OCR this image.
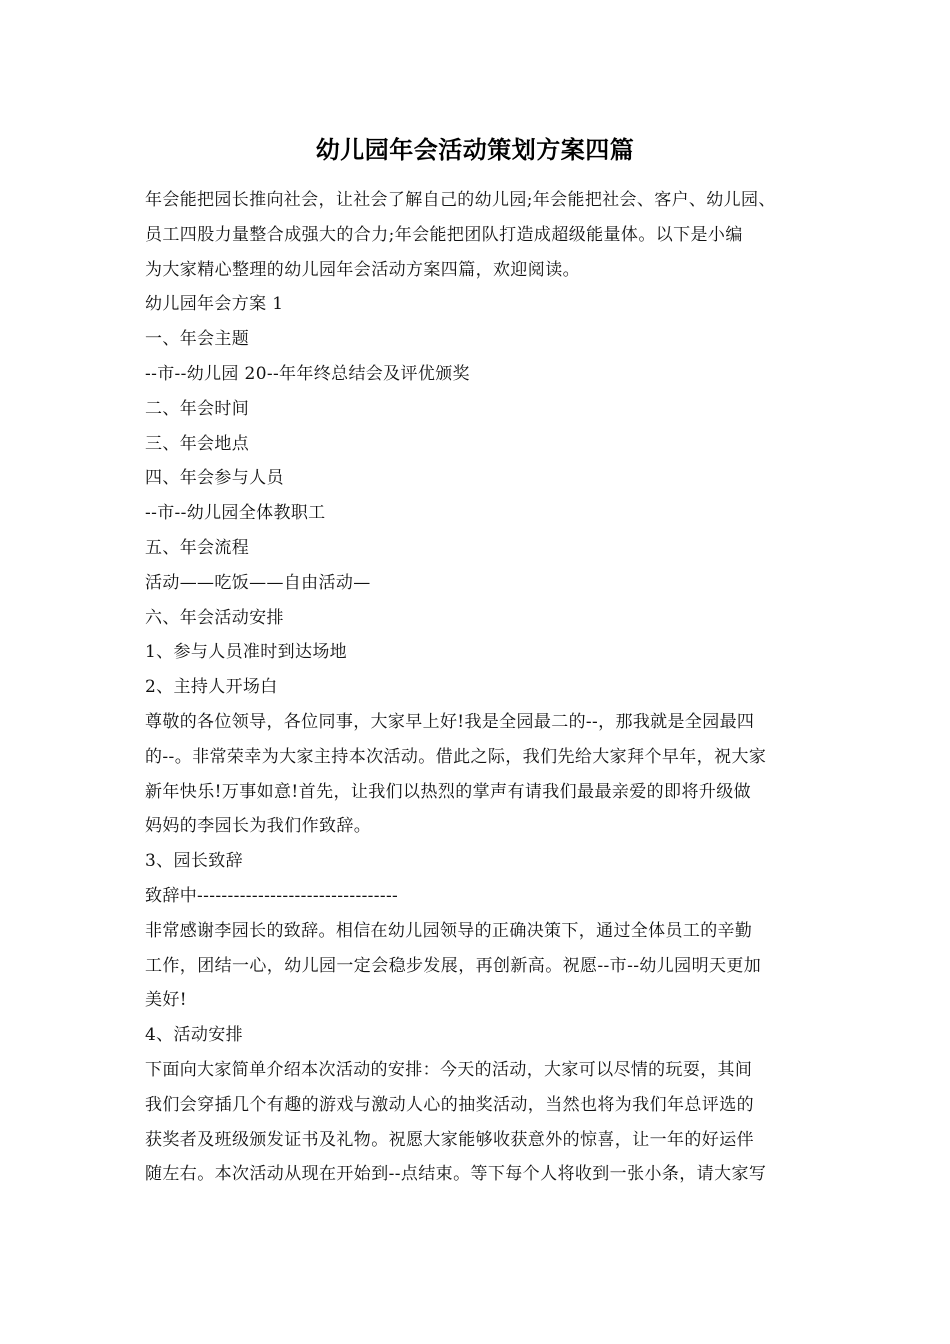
幼儿园年会活动策划方案四篇
年会能把园长推向社会，让社会了解自己的幼儿园;年会能把社会、客户、幼儿园、
员工四股力量整合成强大的合力;年会能把团队打造成超级能量体。以下是小编
为大家精心整理的幼儿园年会活动方案四篇，欢迎阅读。
幼儿园年会方案 1
一、年会主题
--市--幼儿园 20--年年终总结会及评优颁奖
二、年会时间
三、年会地点
四、年会参与人员
--市--幼儿园全体教职工
五、年会流程
活动——吃饭——自由活动—
六、年会活动安排
1、参与人员准时到达场地
2、主持人开场白
尊敬的各位领导，各位同事，大家早上好!我是全园最二的--，那我就是全园最四
的--。非常荣幸为大家主持本次活动。借此之际，我们先给大家拜个早年，祝大家
新年快乐!万事如意!首先，让我们以热烈的掌声有请我们最最亲爱的即将升级做
妈妈的李园长为我们作致辞。
3、园长致辞
致辞中---------------------------------
非常感谢李园长的致辞。相信在幼儿园领导的正确决策下，通过全体员工的辛勤
工作，团结一心，幼儿园一定会稳步发展，再创新高。祝愿--市--幼儿园明天更加
美好!
4、活动安排
下面向大家简单介绍本次活动的安排：今天的活动，大家可以尽情的玩耍，其间
我们会穿插几个有趣的游戏与激动人心的抽奖活动，当然也将为我们年总评选的
获奖者及班级颁发证书及礼物。祝愿大家能够收获意外的惊喜，让一年的好运伴
随左右。本次活动从现在开始到--点结束。等下每个人将收到一张小条，请大家写
